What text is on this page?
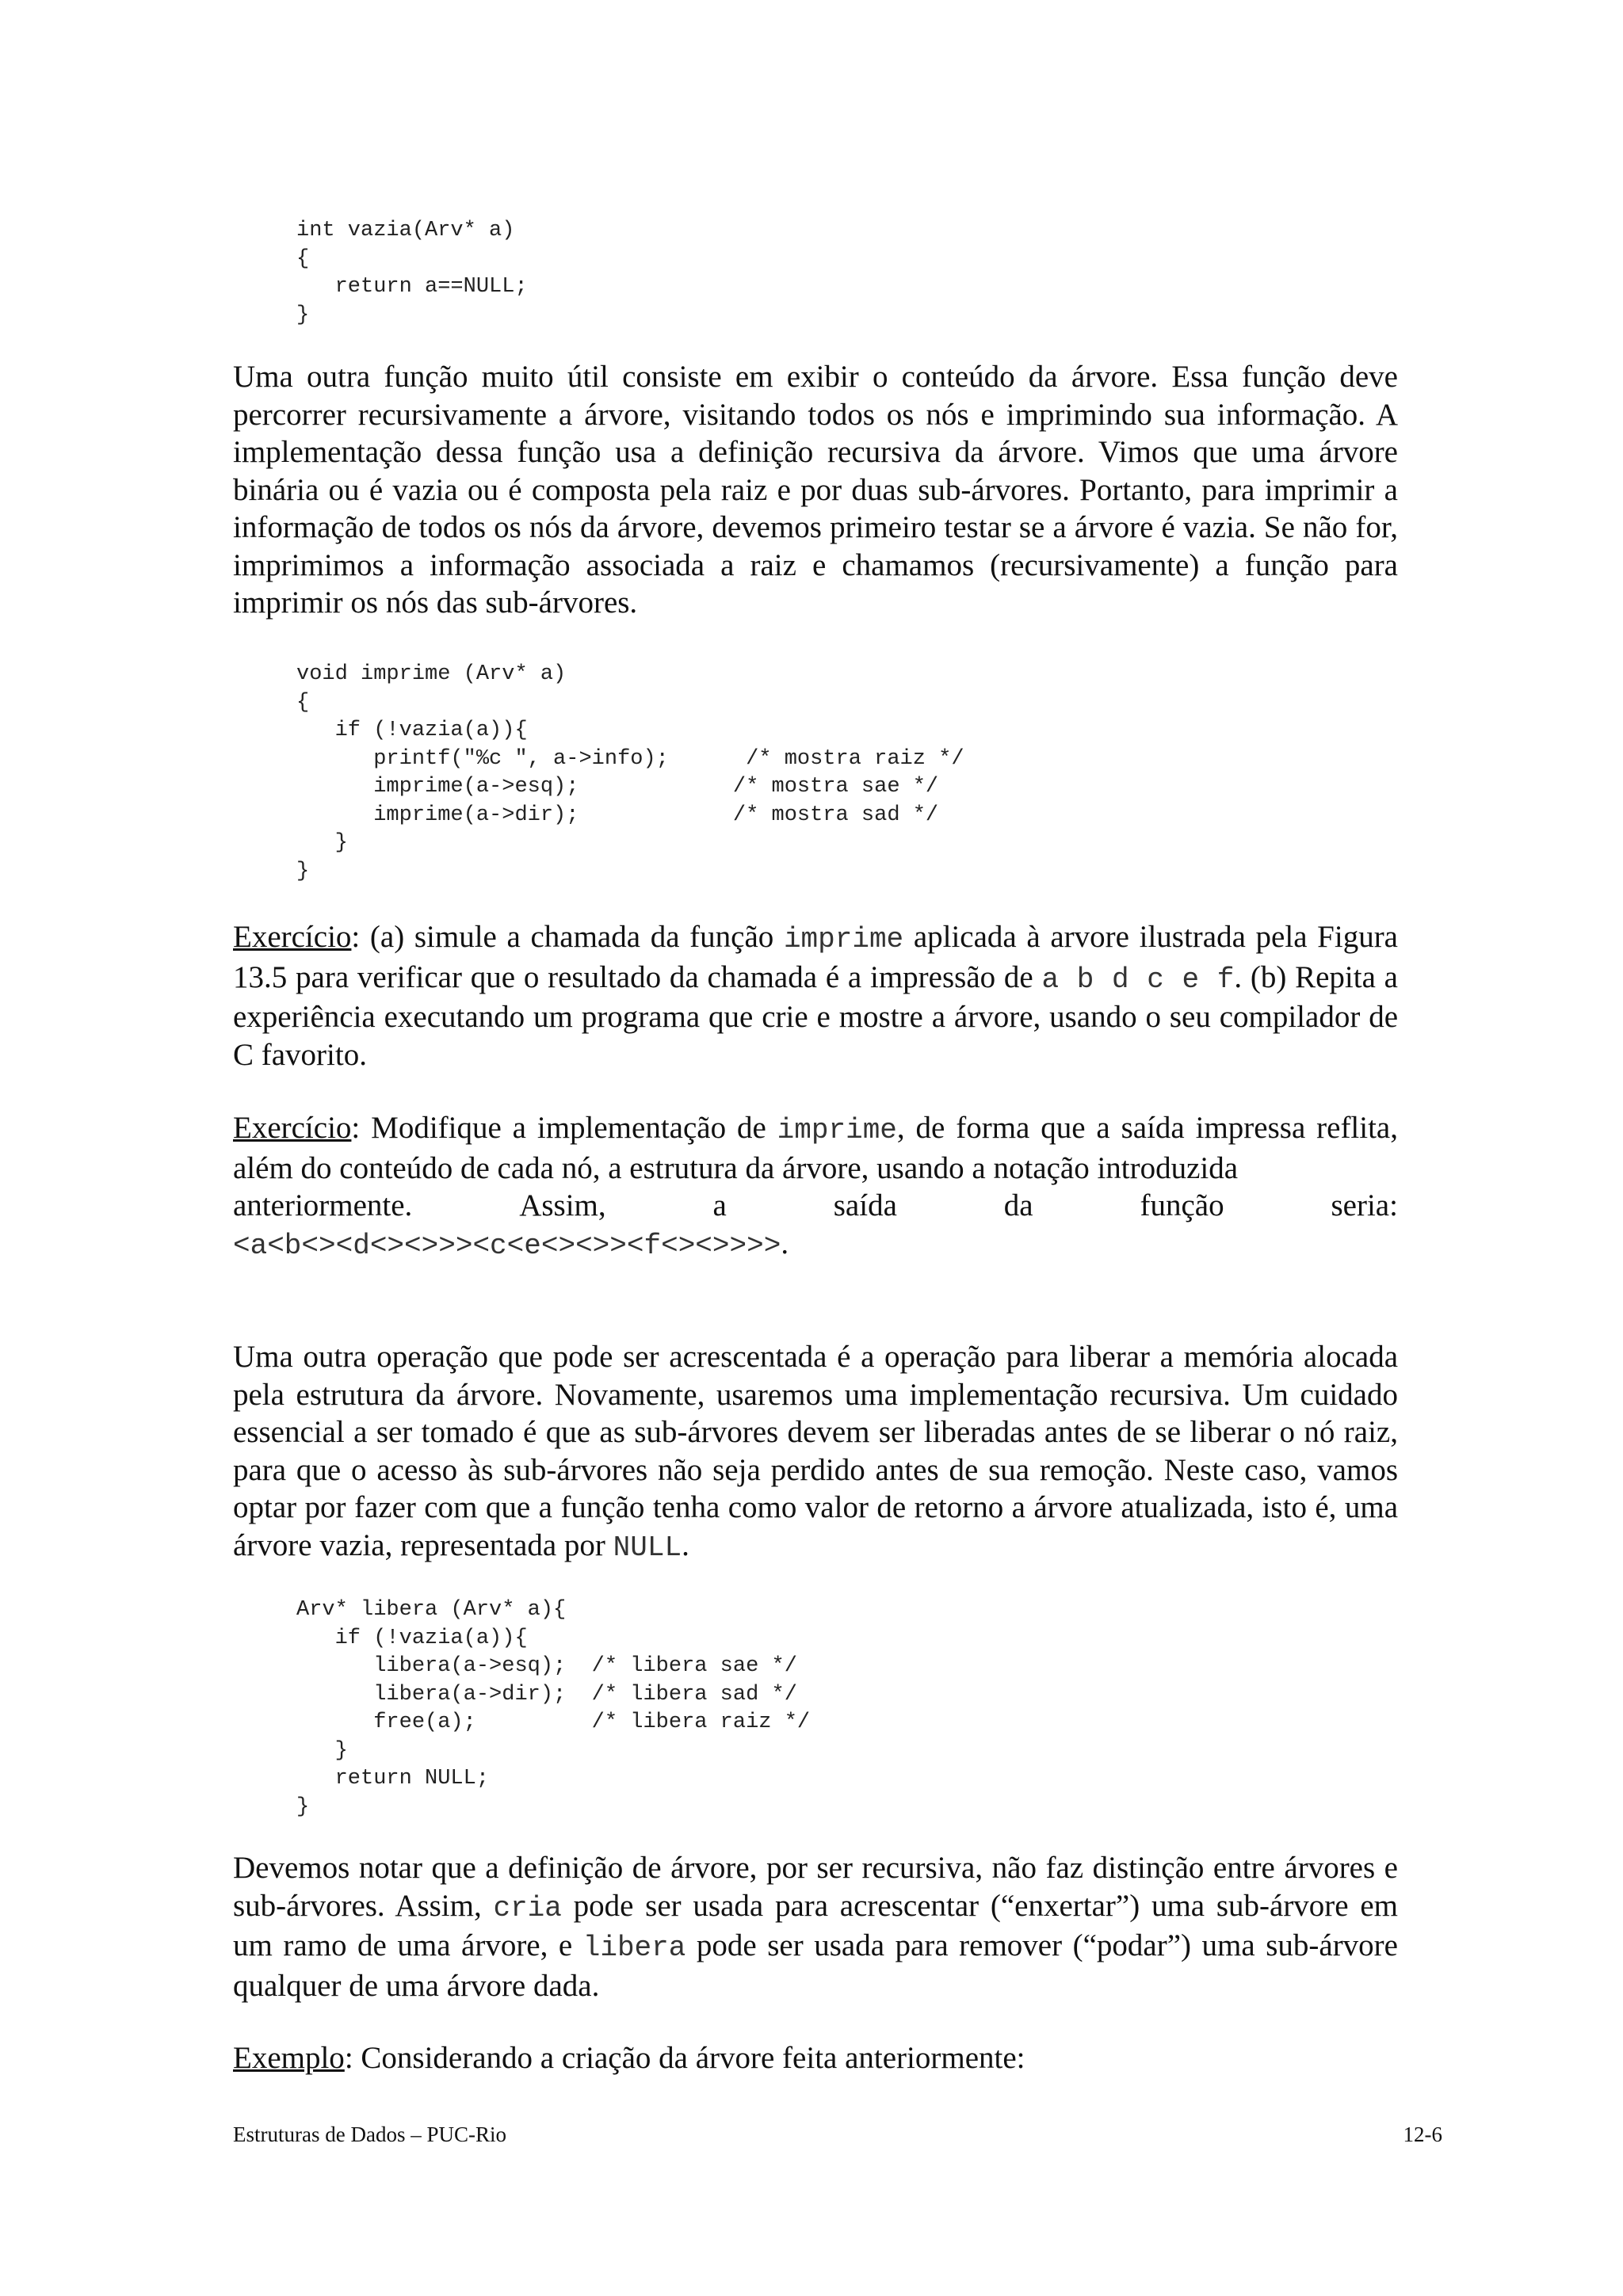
int vazia(Arv* a)
{
return a==NULL;
}

Uma outra função muito útil consiste em exibir o conteúdo da árvore. Essa função deve percorrer recursivamente a árvore, visitando todos os nós e imprimindo sua informação. A implementação dessa função usa a definição recursiva da árvore. Vimos que uma árvore binária ou é vazia ou é composta pela raiz e por duas sub-árvores. Portanto, para imprimir a informação de todos os nós da árvore, devemos primeiro testar se a árvore é vazia. Se não for, imprimimos a informação associada a raiz e chamamos (recursivamente) a função para imprimir os nós das sub-árvores.

void imprime (Arv* a)
{
if (!vazia(a)){
printf("%c ", a->info);      /* mostra raiz */
imprime(a->esq);            /* mostra sae */
imprime(a->dir);            /* mostra sad */
}
}

Exercício: (a) simule a chamada da função imprime aplicada à arvore ilustrada pela Figura 13.5 para verificar que o resultado da chamada é a impressão de a b d c e f. (b) Repita a experiência executando um programa que crie e mostre a árvore, usando o seu compilador de C favorito.

Exercício: Modifique a implementação de imprime, de forma que a saída impressa reflita, além do conteúdo de cada nó, a estrutura da árvore, usando a notação introduzida
anteriormente.	Assim,	a	saída	da	função	seria:
<a<b<><d<><>>><c<e<><>><f<><>>>>.

Uma outra operação que pode ser acrescentada é a operação para liberar a memória alocada pela estrutura da árvore. Novamente, usaremos uma implementação recursiva. Um cuidado essencial a ser tomado é que as sub-árvores devem ser liberadas antes de se liberar o nó raiz, para que o acesso às sub-árvores não seja perdido antes de sua remoção. Neste caso, vamos optar por fazer com que a função tenha como valor de retorno a árvore atualizada, isto é, uma árvore vazia, representada por NULL.

Arv* libera (Arv* a){
if (!vazia(a)){
libera(a->esq);  /* libera sae */
libera(a->dir);  /* libera sad */
free(a);         /* libera raiz */
}
return NULL;
}

Devemos notar que a definição de árvore, por ser recursiva, não faz distinção entre árvores e sub-árvores. Assim, cria pode ser usada para acrescentar (“enxertar”) uma sub-árvore em um ramo de uma árvore, e libera pode ser usada para remover (“podar”) uma sub-árvore qualquer de uma árvore dada.

Exemplo: Considerando a criação da árvore feita anteriormente:

Estruturas de Dados – PUC-Rio	12-6
